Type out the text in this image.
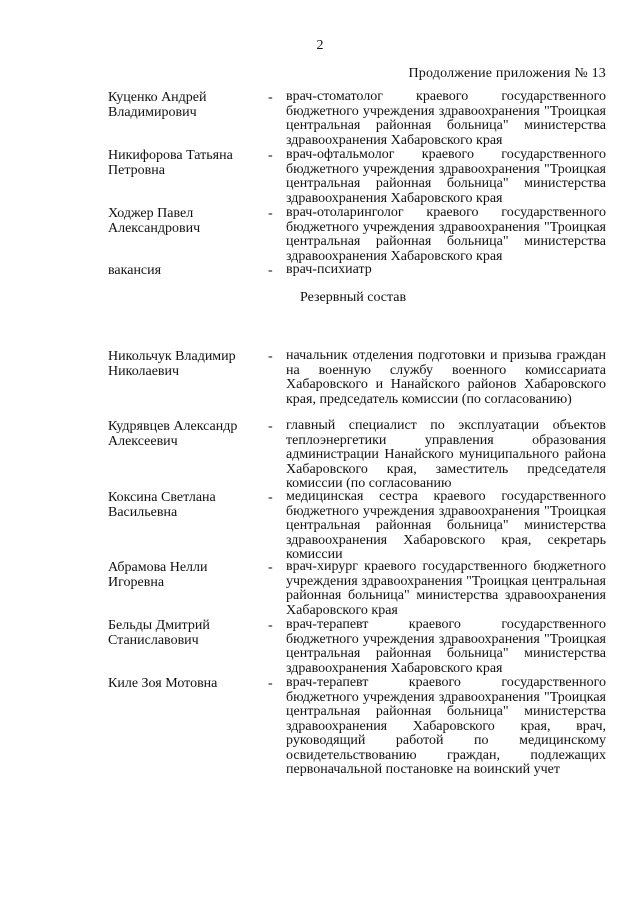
2
Продолжение приложения № 13
Куценко Андрей Владимирович
- врач-стоматолог краевого государственного бюджетного учреждения здравоохранения "Троицкая центральная районная больница" министерства здравоохранения Хабаровского края
Никифорова Татьяна Петровна
- врач-офтальмолог краевого государственного бюджетного учреждения здравоохранения "Троицкая центральная районная больница" министерства здравоохранения Хабаровского края
Ходжер Павел Александрович
- врач-отоларинголог краевого государственного бюджетного учреждения здравоохранения "Троицкая центральная районная больница" министерства здравоохранения Хабаровского края
вакансия	- врач-психиатр
Резервный состав
Никольчук Владимир Николаевич
- начальник отделения подготовки и призыва граждан на военную службу военного комиссариата Хабаровского и Нанайского районов Хабаровского края, председатель комиссии (по согласованию)
Кудрявцев Александр Алексеевич
- главный специалист по эксплуатации объектов теплоэнергетики управления образования администрации Нанайского муниципального района Хабаровского края, заместитель председателя комиссии (по согласованию
Коксина Светлана Васильевна
- медицинская сестра краевого государственного бюджетного учреждения здравоохранения "Троицкая центральная районная больница" министерства здравоохранения Хабаровского края, секретарь комиссии
Абрамова Нелли Игоревна
- врач-хирург краевого государственного бюджетного учреждения здравоохранения "Троицкая центральная районная больница" министерства здравоохранения Хабаровского края
Бельды Дмитрий Станиславович
- врач-терапевт краевого государственного бюджетного учреждения здравоохранения "Троицкая центральная районная больница" министерства здравоохранения Хабаровского края
Киле Зоя Мотовна	- врач-терапевт краевого государственного бюджетного учреждения здравоохранения "Троицкая центральная районная больница" министерства здравоохранения Хабаровского края, врач, руководящий работой по медицинскому освидетельствованию граждан, подлежащих первоначальной постановке на воинский учет
